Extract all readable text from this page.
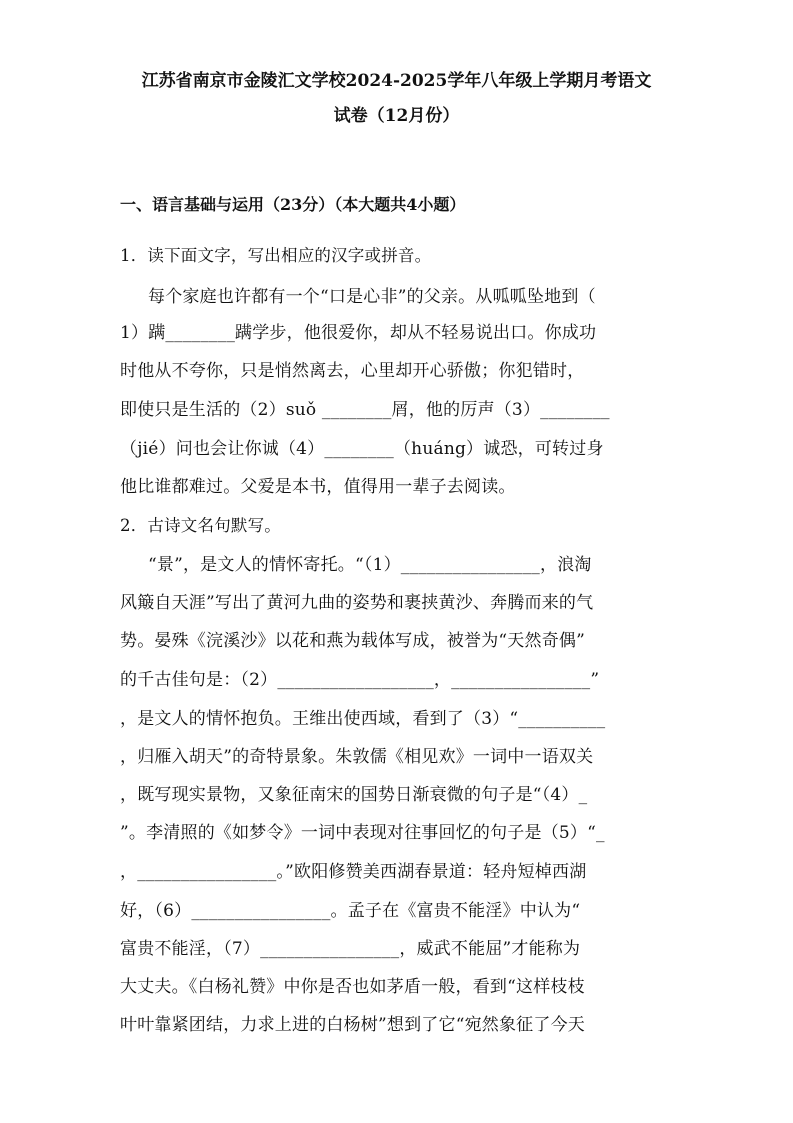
江苏省南京市金陵汇文学校2024-2025学年八年级上学期月考语文
试卷（12月份）
一、语言基础与运用（23分）（本大题共4小题）
1．读下面文字，写出相应的汉字或拼音。
每个家庭也许都有一个“口是心非”的父亲。从呱呱坠地到（
1）蹒________蹒学步，他很爱你，却从不轻易说出口。你成功
时他从不夸你，只是悄然离去，心里却开心骄傲；你犯错时，
即使只是生活的（2）suǒ ________屑，他的厉声（3）________
（jié）问也会让你诚（4）________（huáng）诚恐，可转过身
他比谁都难过。父爱是本书，值得用一辈子去阅读。
2．古诗文名句默写。
“景”，是文人的情怀寄托。“（1）________________，浪淘
风簸自天涯”写出了黄河九曲的姿势和裹挟黄沙、奔腾而来的气
势。晏殊《浣溪沙》以花和燕为载体写成，被誉为“天然奇偶”
的千古佳句是：（2）__________________，________________”
，是文人的情怀抱负。王维出使西域，看到了（3）“__________
，归雁入胡天”的奇特景象。朱敦儒《相见欢》一词中一语双关
，既写现实景物，又象征南宋的国势日渐衰微的句子是“（4）_
”。李清照的《如梦令》一词中表现对往事回忆的句子是（5）“_
，________________。”欧阳修赞美西湖春景道：轻舟短棹西湖
好，（6）________________。孟子在《富贵不能淫》中认为“
富贵不能淫，（7）________________，威武不能屈”才能称为
大丈夫。《白杨礼赞》中你是否也如茅盾一般，看到“这样枝枝
叶叶靠紧团结，力求上进的白杨树”想到了它“宛然象征了今天
